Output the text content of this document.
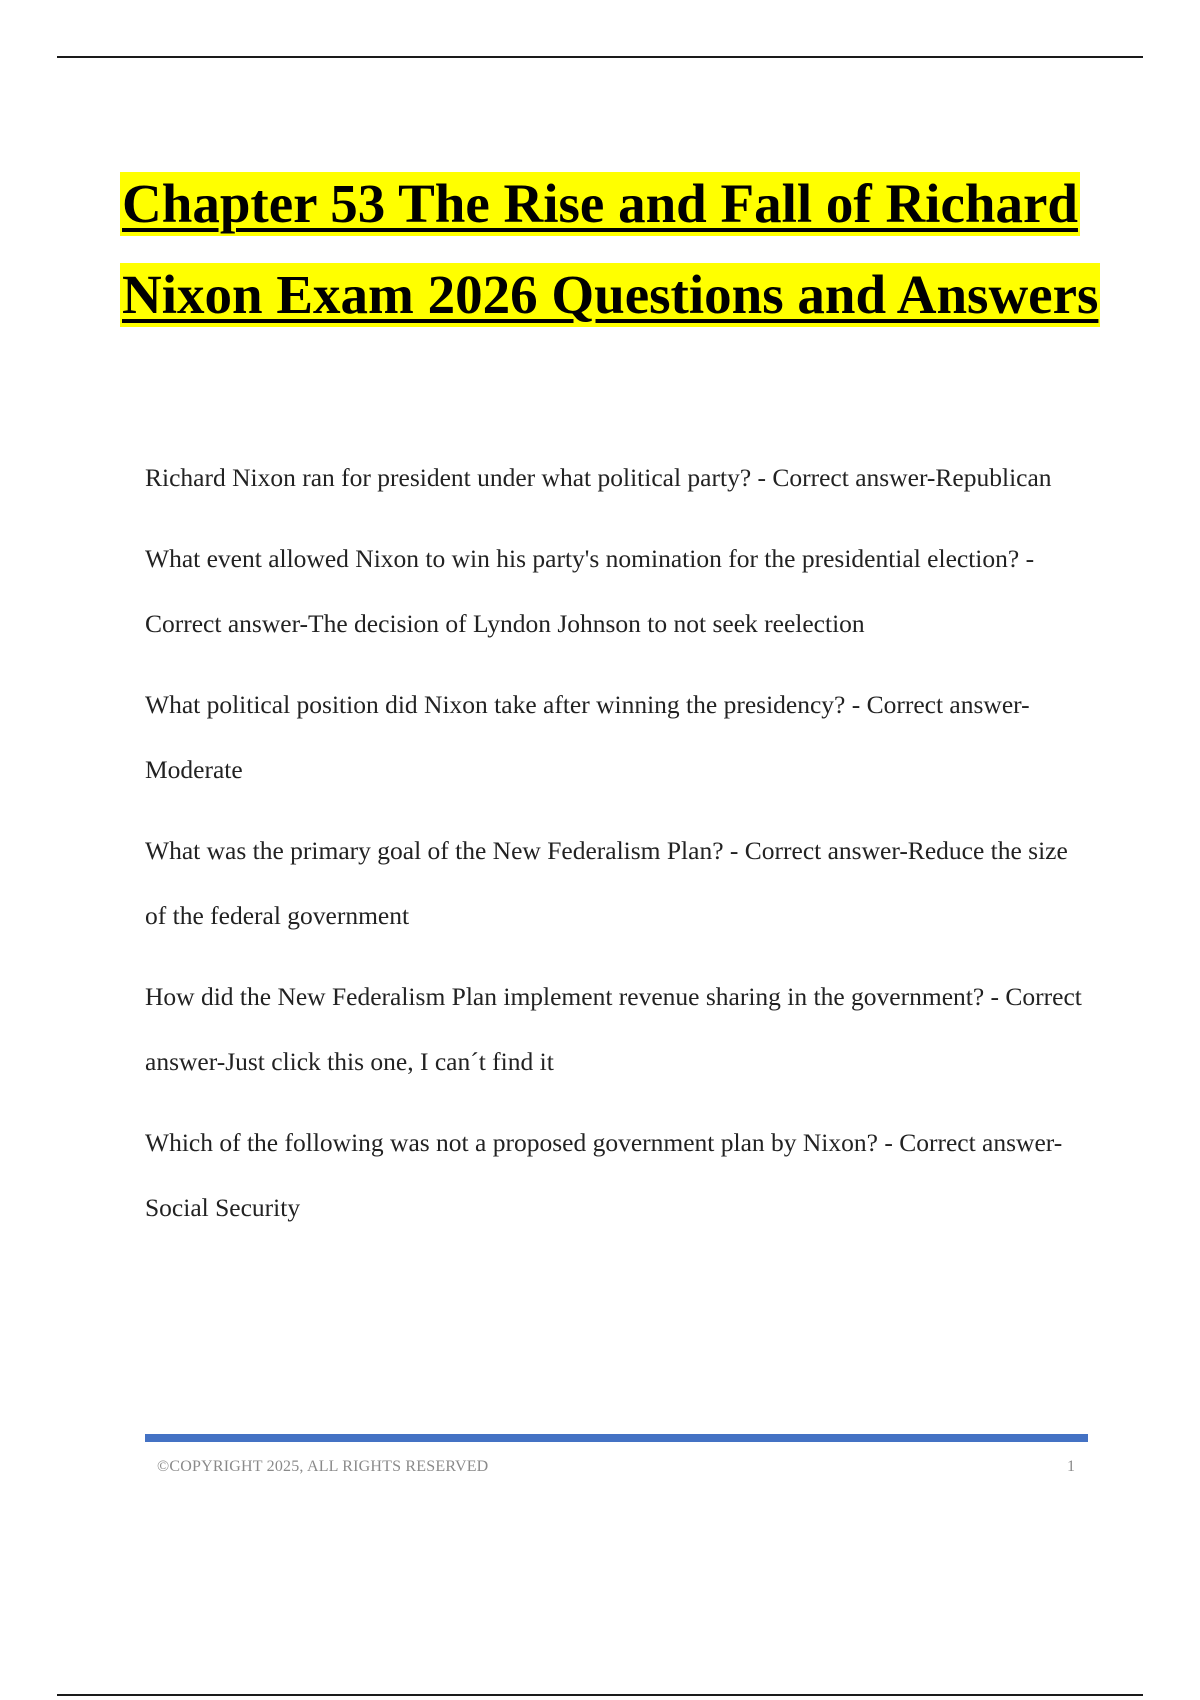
Chapter 53 The Rise and Fall of Richard
Nixon Exam 2026 Questions and Answers

Richard Nixon ran for president under what political party? - Correct answer-Republican

What event allowed Nixon to win his party's nomination for the presidential election? - Correct answer-The decision of Lyndon Johnson to not seek reelection

What political position did Nixon take after winning the presidency? - Correct answer-Moderate

What was the primary goal of the New Federalism Plan? - Correct answer-Reduce the size of the federal government

How did the New Federalism Plan implement revenue sharing in the government? - Correct answer-Just click this one, I can´t find it

Which of the following was not a proposed government plan by Nixon? - Correct answer-Social Security

©COPYRIGHT 2025, ALL RIGHTS RESERVED	1
